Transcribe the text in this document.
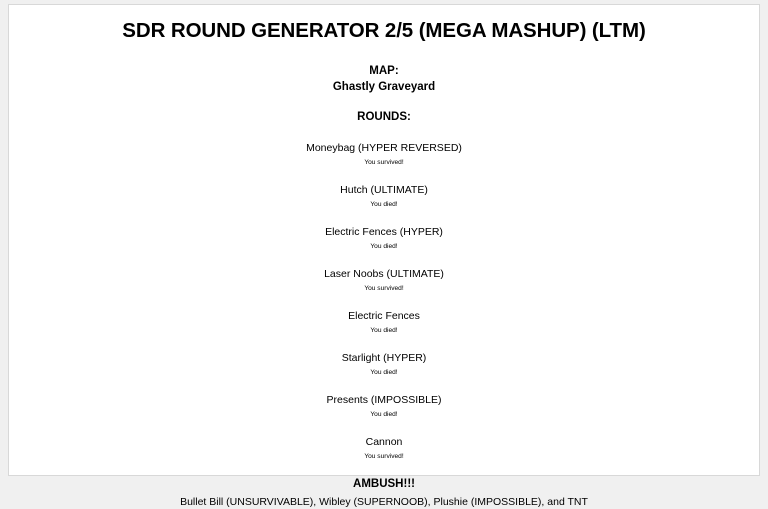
SDR ROUND GENERATOR 2/5 (MEGA MASHUP) (LTM)
MAP:
Ghastly Graveyard
ROUNDS:
Moneybag (HYPER REVERSED)
You survived!
Hutch (ULTIMATE)
You died!
Electric Fences (HYPER)
You died!
Laser Noobs (ULTIMATE)
You survived!
Electric Fences
You died!
Starlight (HYPER)
You died!
Presents (IMPOSSIBLE)
You died!
Cannon
You survived!
AMBUSH!!!
Bullet Bill (UNSURVIVABLE), Wibley (SUPERNOOB), Plushie (IMPOSSIBLE), and TNT
